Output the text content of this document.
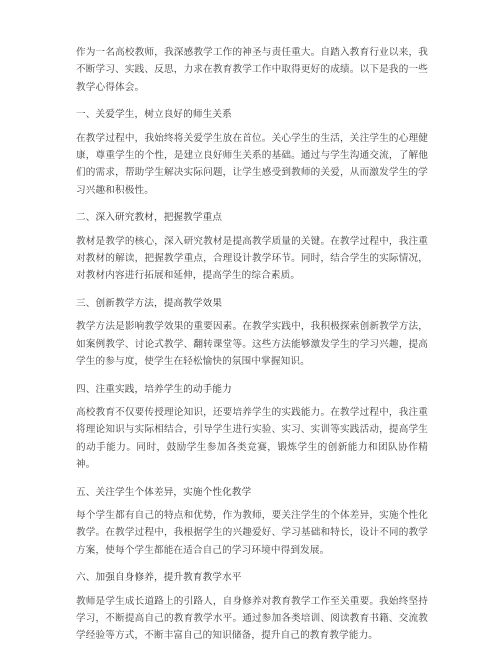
作为一名高校教师，我深感教学工作的神圣与责任重大。自踏入教育行业以来，我不断学习、实践、反思，力求在教育教学工作中取得更好的成绩。以下是我的一些教学心得体会。

一、关爱学生，树立良好的师生关系

在教学过程中，我始终将关爱学生放在首位。关心学生的生活，关注学生的心理健康，尊重学生的个性，是建立良好师生关系的基础。通过与学生沟通交流，了解他们的需求，帮助学生解决实际问题，让学生感受到教师的关爱，从而激发学生的学习兴趣和积极性。

二、深入研究教材，把握教学重点

教材是教学的核心，深入研究教材是提高教学质量的关键。在教学过程中，我注重对教材的解读，把握教学重点，合理设计教学环节。同时，结合学生的实际情况，对教材内容进行拓展和延伸，提高学生的综合素质。

三、创新教学方法，提高教学效果

教学方法是影响教学效果的重要因素。在教学实践中，我积极探索创新教学方法，如案例教学、讨论式教学、翻转课堂等。这些方法能够激发学生的学习兴趣，提高学生的参与度，使学生在轻松愉快的氛围中掌握知识。

四、注重实践，培养学生的动手能力

高校教育不仅要传授理论知识，还要培养学生的实践能力。在教学过程中，我注重将理论知识与实际相结合，引导学生进行实验、实习、实训等实践活动，提高学生的动手能力。同时，鼓励学生参加各类竞赛，锻炼学生的创新能力和团队协作精神。

五、关注学生个体差异，实施个性化教学

每个学生都有自己的特点和优势，作为教师，要关注学生的个体差异，实施个性化教学。在教学过程中，我根据学生的兴趣爱好、学习基础和特长，设计不同的教学方案，使每个学生都能在适合自己的学习环境中得到发展。

六、加强自身修养，提升教育教学水平

教师是学生成长道路上的引路人，自身修养对教育教学工作至关重要。我始终坚持学习，不断提高自己的教育教学水平。通过参加各类培训、阅读教育书籍、交流教学经验等方式，不断丰富自己的知识储备，提升自己的教育教学能力。
